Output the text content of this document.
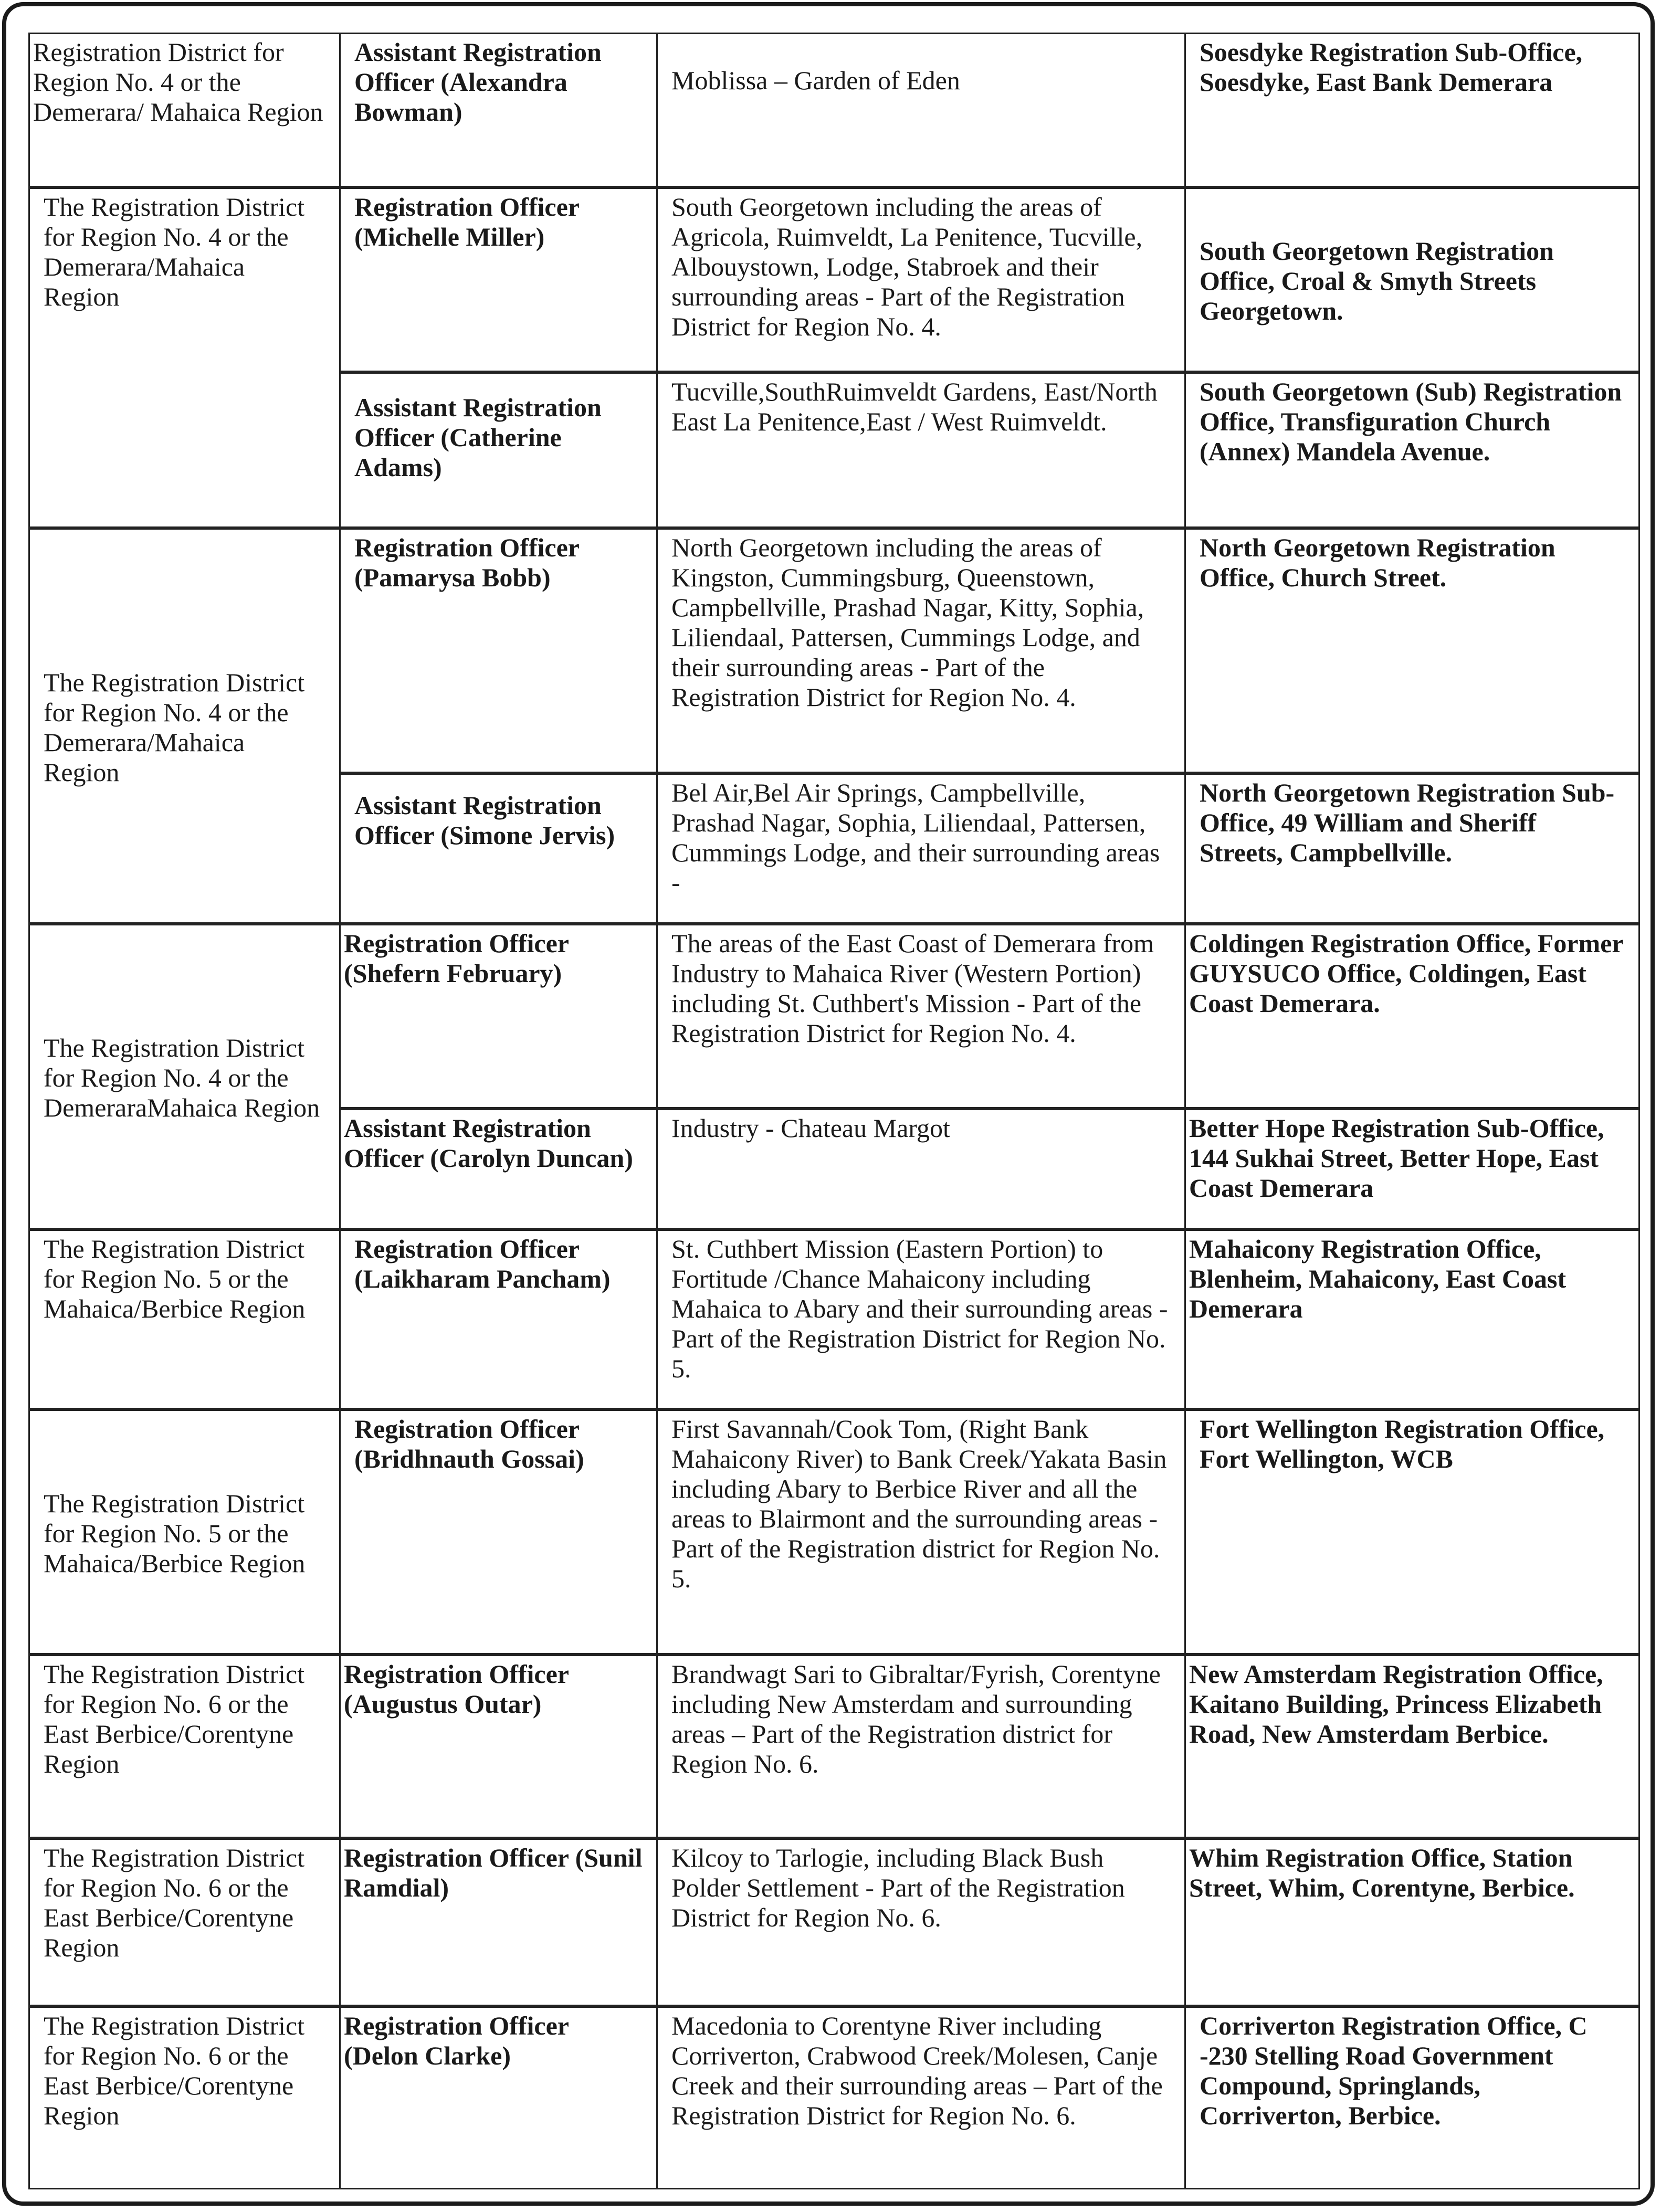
Registration District for Region No. 4 or the Demerara/ Mahaica Region	Assistant Registration Officer (Alexandra Bowman)	Moblissa – Garden of Eden	Soesdyke Registration Sub-Office, Soesdyke, East Bank Demerara
The Registration District for Region No. 4 or the Demerara/Mahaica Region	Registration Officer (Michelle Miller)	South Georgetown including the areas of Agricola, Ruimveldt, La Penitence, Tucville, Albouystown, Lodge, Stabroek and their surrounding areas - Part of the Registration District for Region No. 4.	South Georgetown Registration Office, Croal & Smyth Streets Georgetown.
	Assistant Registration Officer (Catherine Adams)	Tucville,SouthRuimveldt Gardens, East/North East La Penitence,East / West Ruimveldt.	South Georgetown (Sub) Registration Office, Transfiguration Church (Annex) Mandela Avenue.
The Registration District for Region No. 4 or the Demerara/Mahaica Region	Registration Officer (Pamarysa Bobb)	North Georgetown including the areas of Kingston, Cummingsburg, Queenstown, Campbellville, Prashad Nagar, Kitty, Sophia, Liliendaal, Pattersen, Cummings Lodge, and their surrounding areas - Part of the Registration District for Region No. 4.	North Georgetown Registration Office, Church Street.
	Assistant Registration Officer (Simone Jervis)	Bel Air,Bel Air Springs, Campbellville, Prashad Nagar, Sophia, Liliendaal, Pattersen, Cummings Lodge, and their surrounding areas -	North Georgetown Registration Sub-Office, 49 William and Sheriff Streets, Campbellville.
The Registration District for Region No. 4 or the DemeraraMahaica Region	Registration Officer (Shefern February)	The areas of the East Coast of Demerara from Industry to Mahaica River (Western Portion) including St. Cuthbert's Mission - Part of the Registration District for Region No. 4.	Coldingen Registration Office, Former GUYSUCO Office, Coldingen, East Coast Demerara.
	Assistant Registration Officer (Carolyn Duncan)	Industry - Chateau Margot	Better Hope Registration Sub-Office, 144 Sukhai Street, Better Hope, East Coast Demerara
The Registration District for Region No. 5 or the Mahaica/Berbice Region	Registration Officer (Laikharam Pancham)	St. Cuthbert Mission (Eastern Portion) to Fortitude /Chance Mahaicony including Mahaica to Abary and their surrounding areas - Part of the Registration District for Region No. 5.	Mahaicony Registration Office, Blenheim, Mahaicony, East Coast Demerara
The Registration District for Region No. 5 or the Mahaica/Berbice Region	Registration Officer (Bridhnauth Gossai)	First Savannah/Cook Tom, (Right Bank Mahaicony River) to Bank Creek/Yakata Basin including Abary to Berbice River and all the areas to Blairmont and the surrounding areas - Part of the Registration district for Region No. 5.	Fort Wellington Registration Office, Fort Wellington, WCB
The Registration District for Region No. 6 or the East Berbice/Corentyne Region	Registration Officer (Augustus Outar)	Brandwagt Sari to Gibraltar/Fyrish, Corentyne including New Amsterdam and surrounding areas – Part of the Registration district for Region No. 6.	New Amsterdam Registration Office, Kaitano Building, Princess Elizabeth Road, New Amsterdam Berbice.
The Registration District for Region No. 6 or the East Berbice/Corentyne Region	Registration Officer (Sunil Ramdial)	Kilcoy to Tarlogie, including Black Bush Polder Settlement - Part of the Registration District for Region No. 6.	Whim Registration Office, Station Street, Whim, Corentyne, Berbice.
The Registration District for Region No. 6 or the East Berbice/Corentyne Region	Registration Officer (Delon Clarke)	Macedonia to Corentyne River including Corriverton, Crabwood Creek/Molesen, Canje Creek and their surrounding areas – Part of the Registration District for Region No. 6.	Corriverton Registration Office, C -230 Stelling Road Government Compound, Springlands, Corriverton, Berbice.
